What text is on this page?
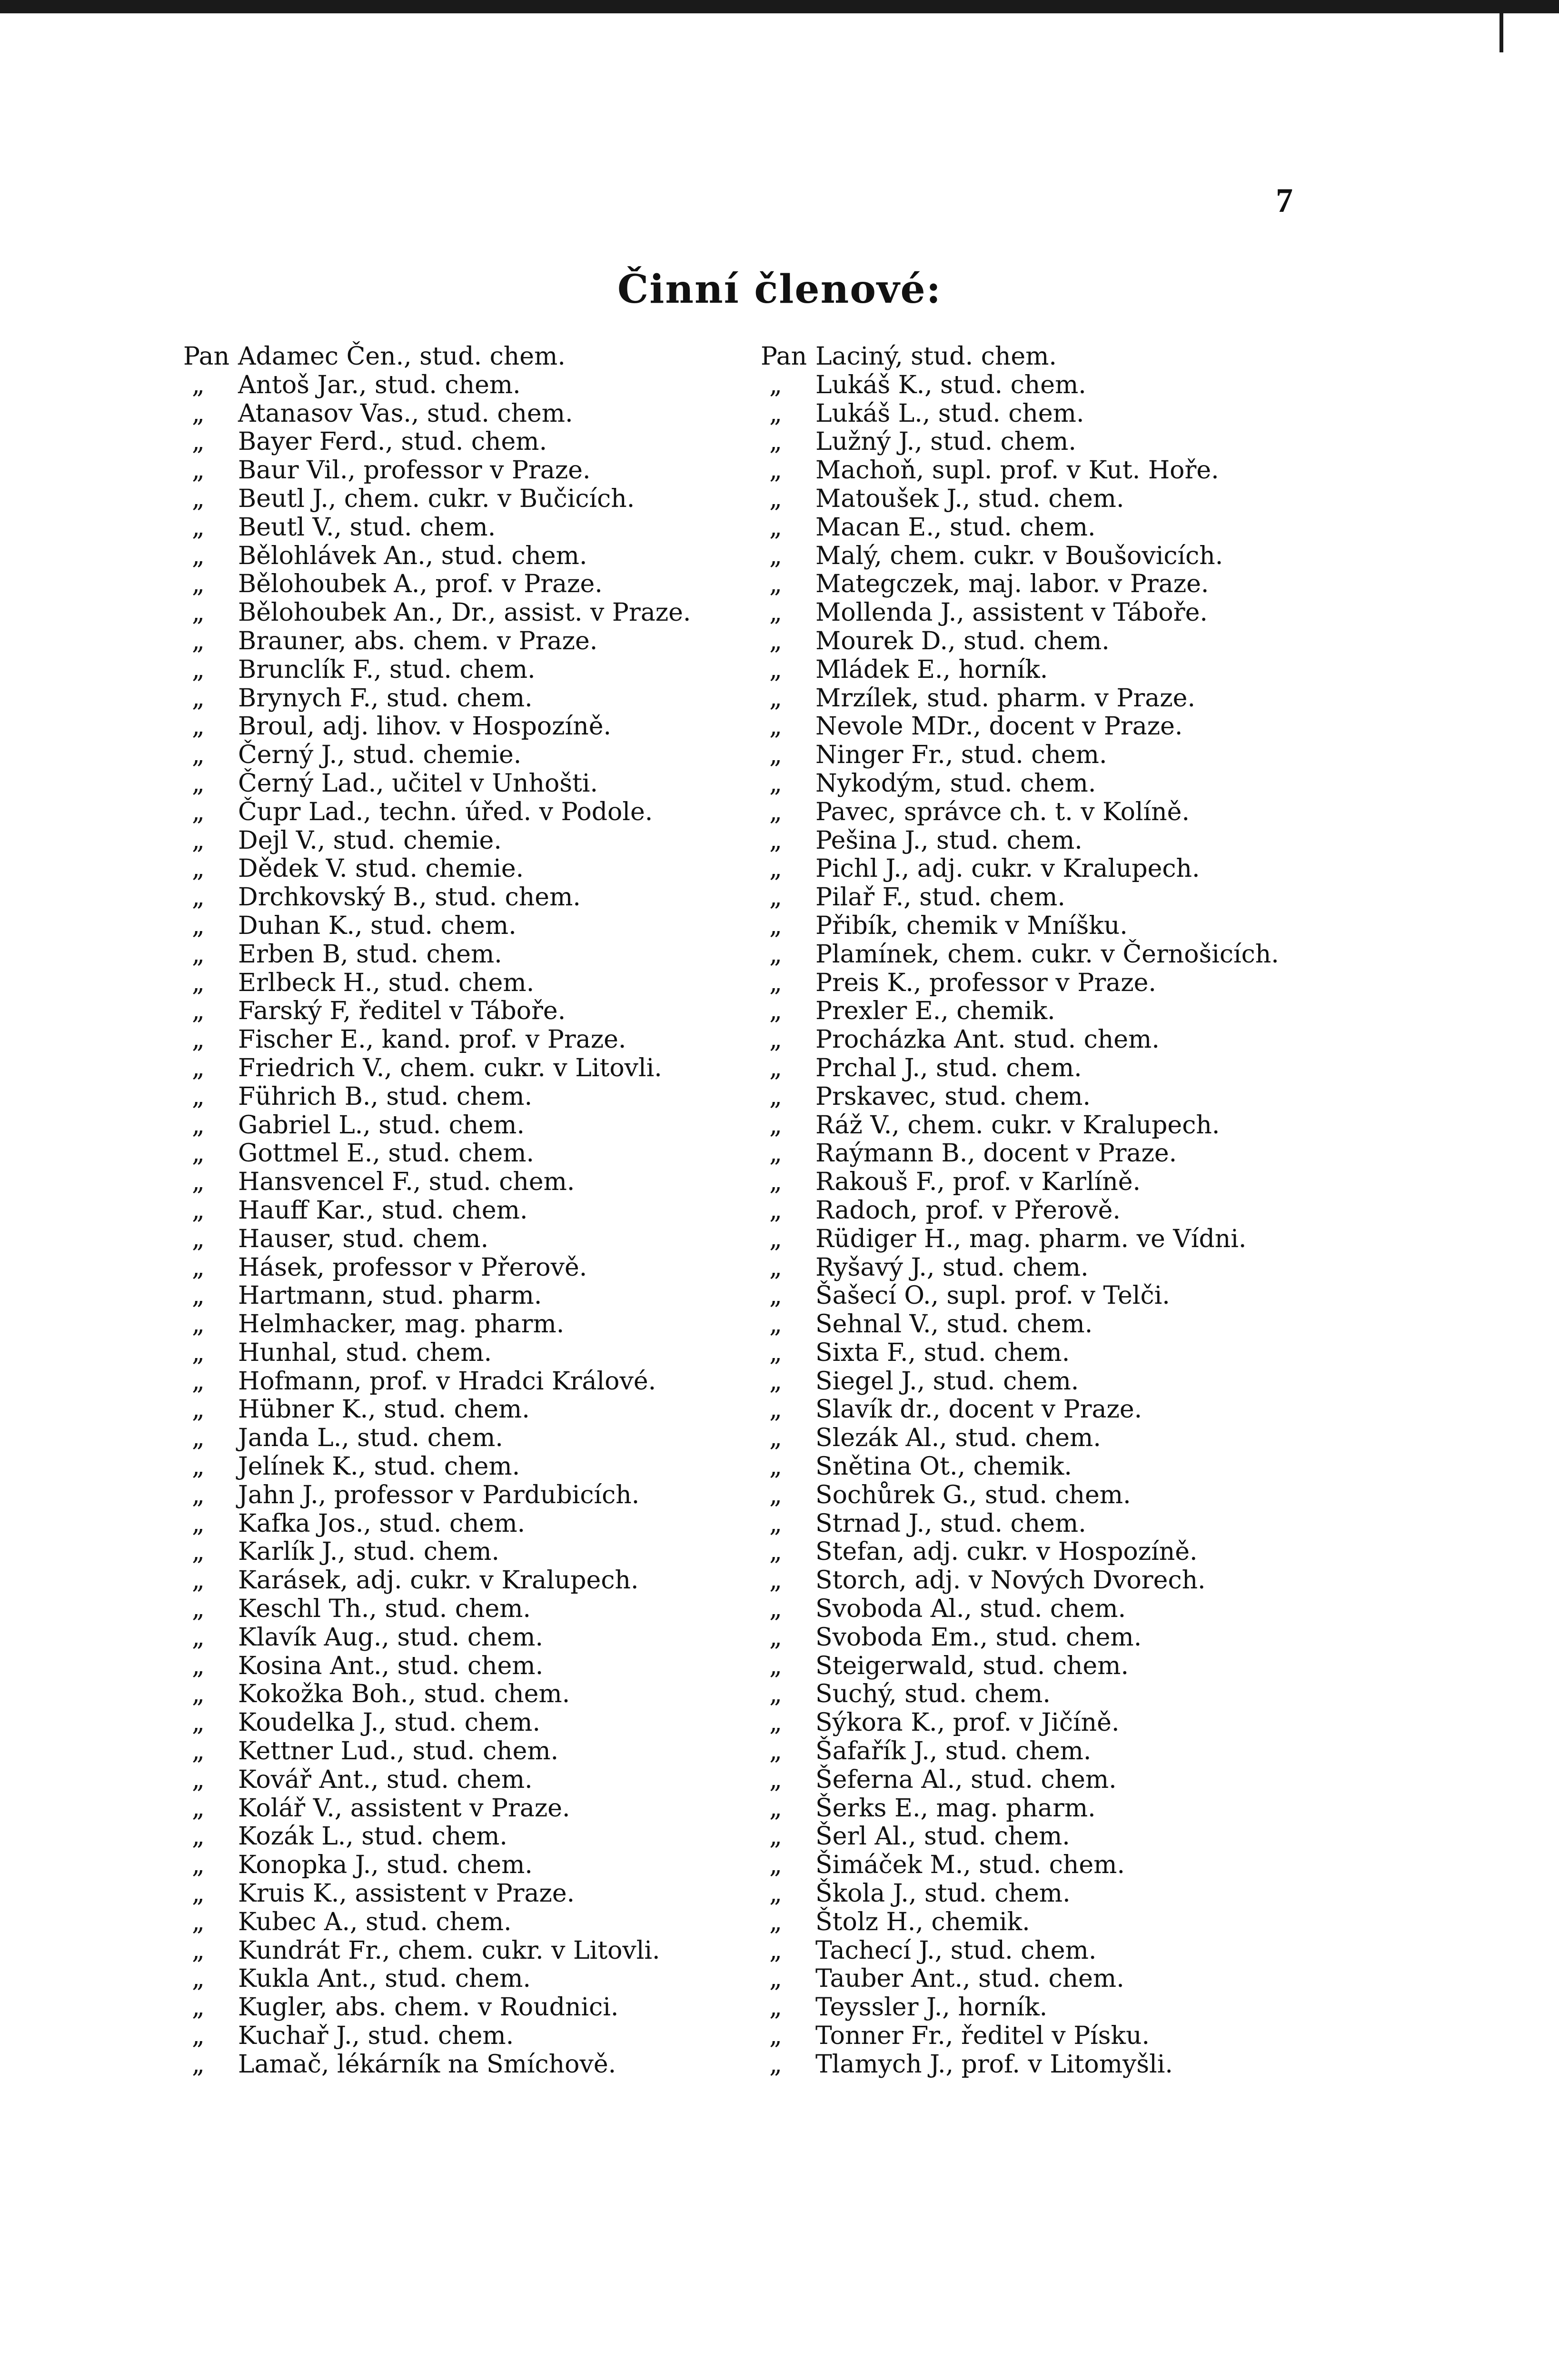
7
Činní členové:
Pan Adamec Čen., stud. chem.
„	Antoš Jar., stud. chem.
„	Atanasov Vas., stud. chem.
„	Bayer Ferd., stud. chem.
„	Baur Vil., professor v Praze.
„	Beutl J., chem. cukr. v Bučicích.
„	Beutl V., stud. chem.
„	Bělohlávek An., stud. chem.
„	Bělohoubek A., prof. v Praze.
„	Bělohoubek An., Dr., assist. v Praze.
„	Brauner, abs. chem. v Praze.
„	Brunclík F., stud. chem.
„	Brynych F., stud. chem.
„	Broul, adj. lihov. v Hospozíně.
„	Černý J., stud. chemie.
„	Černý Lad., učitel v Unhošti.
„	Čupr Lad., techn. úřed. v Podole.
„	Dejl V., stud. chemie.
„	Dědek V. stud. chemie.
„	Drchkovský B., stud. chem.
„	Duhan K., stud. chem.
„	Erben B, stud. chem.
„	Erlbeck H., stud. chem.
„	Farský F, ředitel v Táboře.
„	Fischer E., kand. prof. v Praze.
„	Friedrich V., chem. cukr. v Litovli.
„	Führich B., stud. chem.
„	Gabriel L., stud. chem.
„	Gottmel E., stud. chem.
„	Hansvencel F., stud. chem.
„	Hauff Kar., stud. chem.
„	Hauser, stud. chem.
„	Hásek, professor v Přerově.
„	Hartmann, stud. pharm.
„	Helmhacker, mag. pharm.
„	Hunhal, stud. chem.
„	Hofmann, prof. v Hradci Králové.
„	Hübner K., stud. chem.
„	Janda L., stud. chem.
„	Jelínek K., stud. chem.
„	Jahn J., professor v Pardubicích.
„	Kafka Jos., stud. chem.
„	Karlík J., stud. chem.
„	Karásek, adj. cukr. v Kralupech.
„	Keschl Th., stud. chem.
„	Klavík Aug., stud. chem.
„	Kosina Ant., stud. chem.
„	Kokožka Boh., stud. chem.
„	Koudelka J., stud. chem.
„	Kettner Lud., stud. chem.
„	Kovář Ant., stud. chem.
„	Kolář V., assistent v Praze.
„	Kozák L., stud. chem.
„	Konopka J., stud. chem.
„	Kruis K., assistent v Praze.
„	Kubec A., stud. chem.
„	Kundrát Fr., chem. cukr. v Litovli.
„	Kukla Ant., stud. chem.
„	Kugler, abs. chem. v Roudnici.
„	Kuchař J., stud. chem.
„	Lamač, lékárník na Smíchově.
Pan Laciný, stud. chem.
„	Lukáš K., stud. chem.
„	Lukáš L., stud. chem.
„	Lužný J., stud. chem.
„	Machoň, supl. prof. v Kut. Hoře.
„	Matoušek J., stud. chem.
„	Macan E., stud. chem.
„	Malý, chem. cukr. v Boušovicích.
„	Mategczek, maj. labor. v Praze.
„	Mollenda J., assistent v Táboře.
„	Mourek D., stud. chem.
„	Mládek E., horník.
„	Mrzílek, stud. pharm. v Praze.
„	Nevole MDr., docent v Praze.
„	Ninger Fr., stud. chem.
„	Nykodým, stud. chem.
„	Pavec, správce ch. t. v Kolíně.
„	Pešina J., stud. chem.
„	Pichl J., adj. cukr. v Kralupech.
„	Pilař F., stud. chem.
„	Přibík, chemik v Mníšku.
„	Plamínek, chem. cukr. v Černošicích.
„	Preis K., professor v Praze.
„	Prexler E., chemik.
„	Procházka Ant. stud. chem.
„	Prchal J., stud. chem.
„	Prskavec, stud. chem.
„	Ráž V., chem. cukr. v Kralupech.
„	Raýmann B., docent v Praze.
„	Rakouš F., prof. v Karlíně.
„	Radoch, prof. v Přerově.
„	Rüdiger H., mag. pharm. ve Vídni.
„	Ryšavý J., stud. chem.
„	Šašecí O., supl. prof. v Telči.
„	Sehnal V., stud. chem.
„	Sixta F., stud. chem.
„	Siegel J., stud. chem.
„	Slavík dr., docent v Praze.
„	Slezák Al., stud. chem.
„	Snětina Ot., chemik.
„	Sochůrek G., stud. chem.
„	Strnad J., stud. chem.
„	Stefan, adj. cukr. v Hospozíně.
„	Storch, adj. v Nových Dvorech.
„	Svoboda Al., stud. chem.
„	Svoboda Em., stud. chem.
„	Steigerwald, stud. chem.
„	Suchý, stud. chem.
„	Sýkora K., prof. v Jičíně.
„	Šafařík J., stud. chem.
„	Šeferna Al., stud. chem.
„	Šerks E., mag. pharm.
„	Šerl Al., stud. chem.
„	Šimáček M., stud. chem.
„	Škola J., stud. chem.
„	Štolz H., chemik.
„	Tachecí J., stud. chem.
„	Tauber Ant., stud. chem.
„	Teyssler J., horník.
„	Tonner Fr., ředitel v Písku.
„	Tlamych J., prof. v Litomyšli.
